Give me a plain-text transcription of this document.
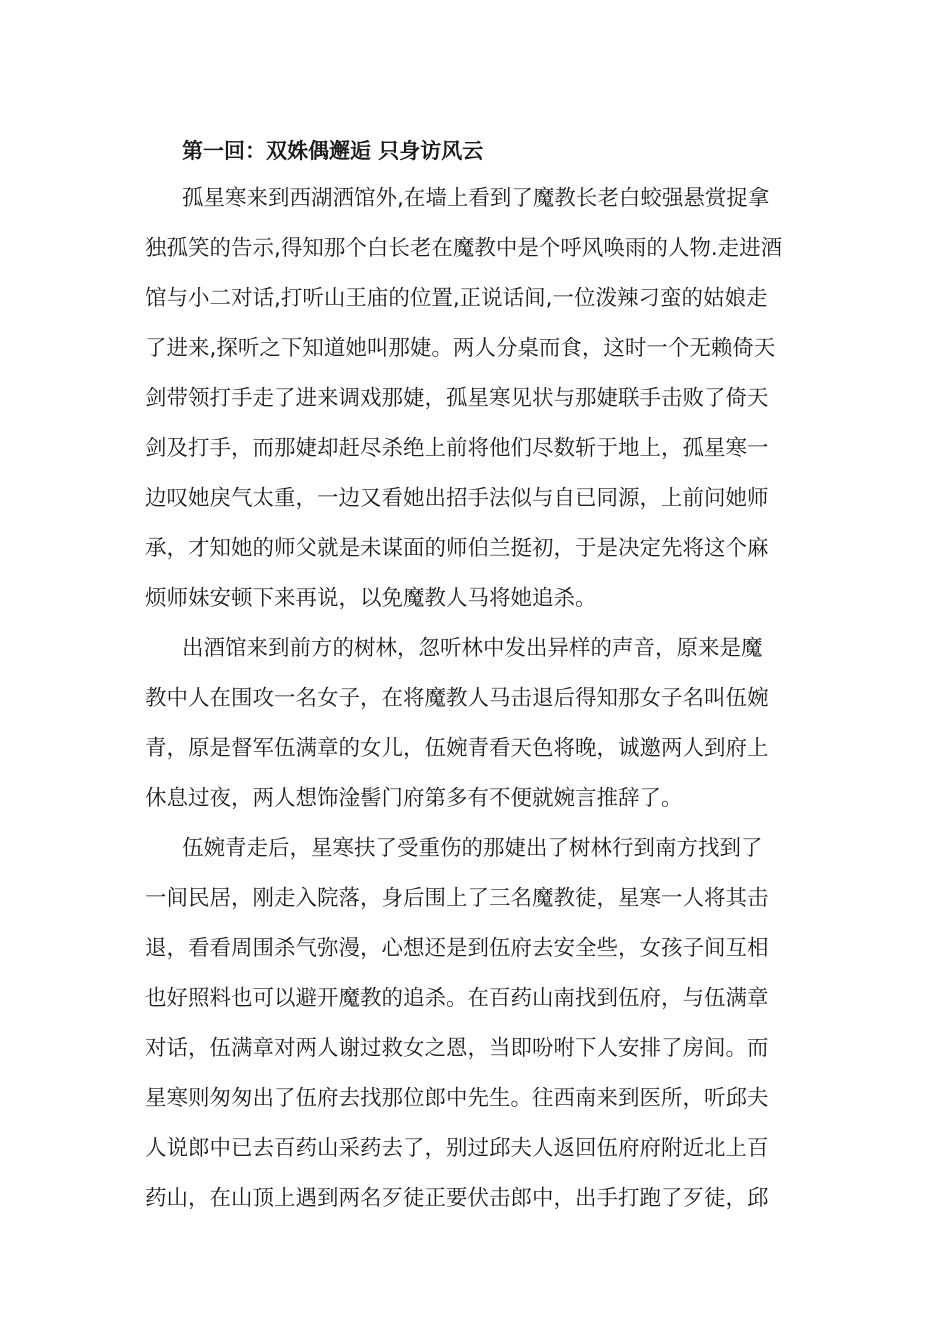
第一回：双姝偶邂逅 只身访风云

孤星寒来到西湖洒馆外,在墙上看到了魔教长老白蛟强悬赏捉拿
独孤笑的告示,得知那个白长老在魔教中是个呼风唤雨的人物.走进酒
馆与小二对话,打听山王庙的位置,正说话间,一位泼辣刁蛮的姑娘走
了进来,探听之下知道她叫那婕。两人分桌而食，这时一个无赖倚天
剑带领打手走了进来调戏那婕，孤星寒见状与那婕联手击败了倚天
剑及打手，而那婕却赶尽杀绝上前将他们尽数斩于地上，孤星寒一
边叹她戾气太重，一边又看她出招手法似与自已同源，上前问她师
承，才知她的师父就是未谋面的师伯兰挺初，于是决定先将这个麻
烦师妹安顿下来再说，以免魔教人马将她追杀。

出酒馆来到前方的树林，忽听林中发出异样的声音，原来是魔
教中人在围攻一名女子，在将魔教人马击退后得知那女子名叫伍婉
青，原是督军伍满章的女儿，伍婉青看天色将晚，诚邀两人到府上
休息过夜，两人想饰淦髻门府第多有不便就婉言推辞了。

伍婉青走后，星寒扶了受重伤的那婕出了树林行到南方找到了
一间民居，刚走入院落，身后围上了三名魔教徒，星寒一人将其击
退，看看周围杀气弥漫，心想还是到伍府去安全些，女孩子间互相
也好照料也可以避开魔教的追杀。在百药山南找到伍府，与伍满章
对话，伍满章对两人谢过救女之恩，当即吩咐下人安排了房间。而
星寒则匆匆出了伍府去找那位郎中先生。往西南来到医所，听邱夫
人说郎中已去百药山采药去了，别过邱夫人返回伍府府附近北上百
药山，在山顶上遇到两名歹徒正要伏击郎中，出手打跑了歹徒，邱
